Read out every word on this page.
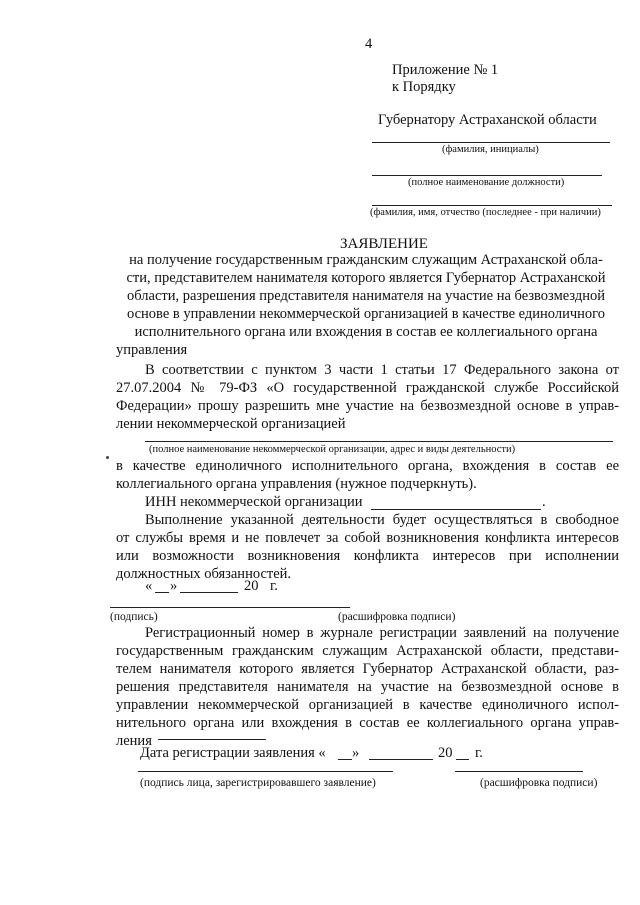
4
Приложение № 1
к Порядку
Губернатору Астраханской области
(фамилия, инициалы)
(полное наименование должности)
(фамилия, имя, отчество (последнее - при наличии)
ЗАЯВЛЕНИЕ
на получение государственным гражданским служащим Астраханской обла-
сти, представителем нанимателя которого является Губернатор Астраханской
области, разрешения представителя нанимателя на участие на безвозмездной
основе в управлении некоммерческой организацией в качестве единоличного
исполнительного органа или вхождения в состав ее коллегиального органа
управления
В соответствии с пунктом 3 части 1 статьи 17 Федерального закона от
27.07.2004 № 79-ФЗ «О государственной гражданской службе Российской
Федерации» прошу разрешить мне участие на безвозмездной основе в управ-
лении некоммерческой организацией
(полное наименование некоммерческой организации, адрес и виды деятельности)
в качестве единоличного исполнительного органа, вхождения в состав ее
коллегиального органа управления (нужное подчеркнуть).
ИНН некоммерческой организации	.
Выполнение указанной деятельности будет осуществляться в свободное
от службы время и не повлечет за собой возникновения конфликта интересов
или возможности возникновения конфликта интересов при исполнении
должностных обязанностей.
« »	20 г.
(подпись)	(расшифровка подписи)
Регистрационный номер в журнале регистрации заявлений на получение
государственным гражданским служащим Астраханской области, представи-
телем нанимателя которого является Губернатор Астраханской области, раз-
решения представителя нанимателя на участие на безвозмездной основе в
управлении некоммерческой организацией в качестве единоличного испол-
нительного органа или вхождения в состав ее коллегиального органа управ-
ления
Дата регистрации заявления « »	20 г.
(подпись лица, зарегистрировавшего заявление)	(расшифровка подписи)
